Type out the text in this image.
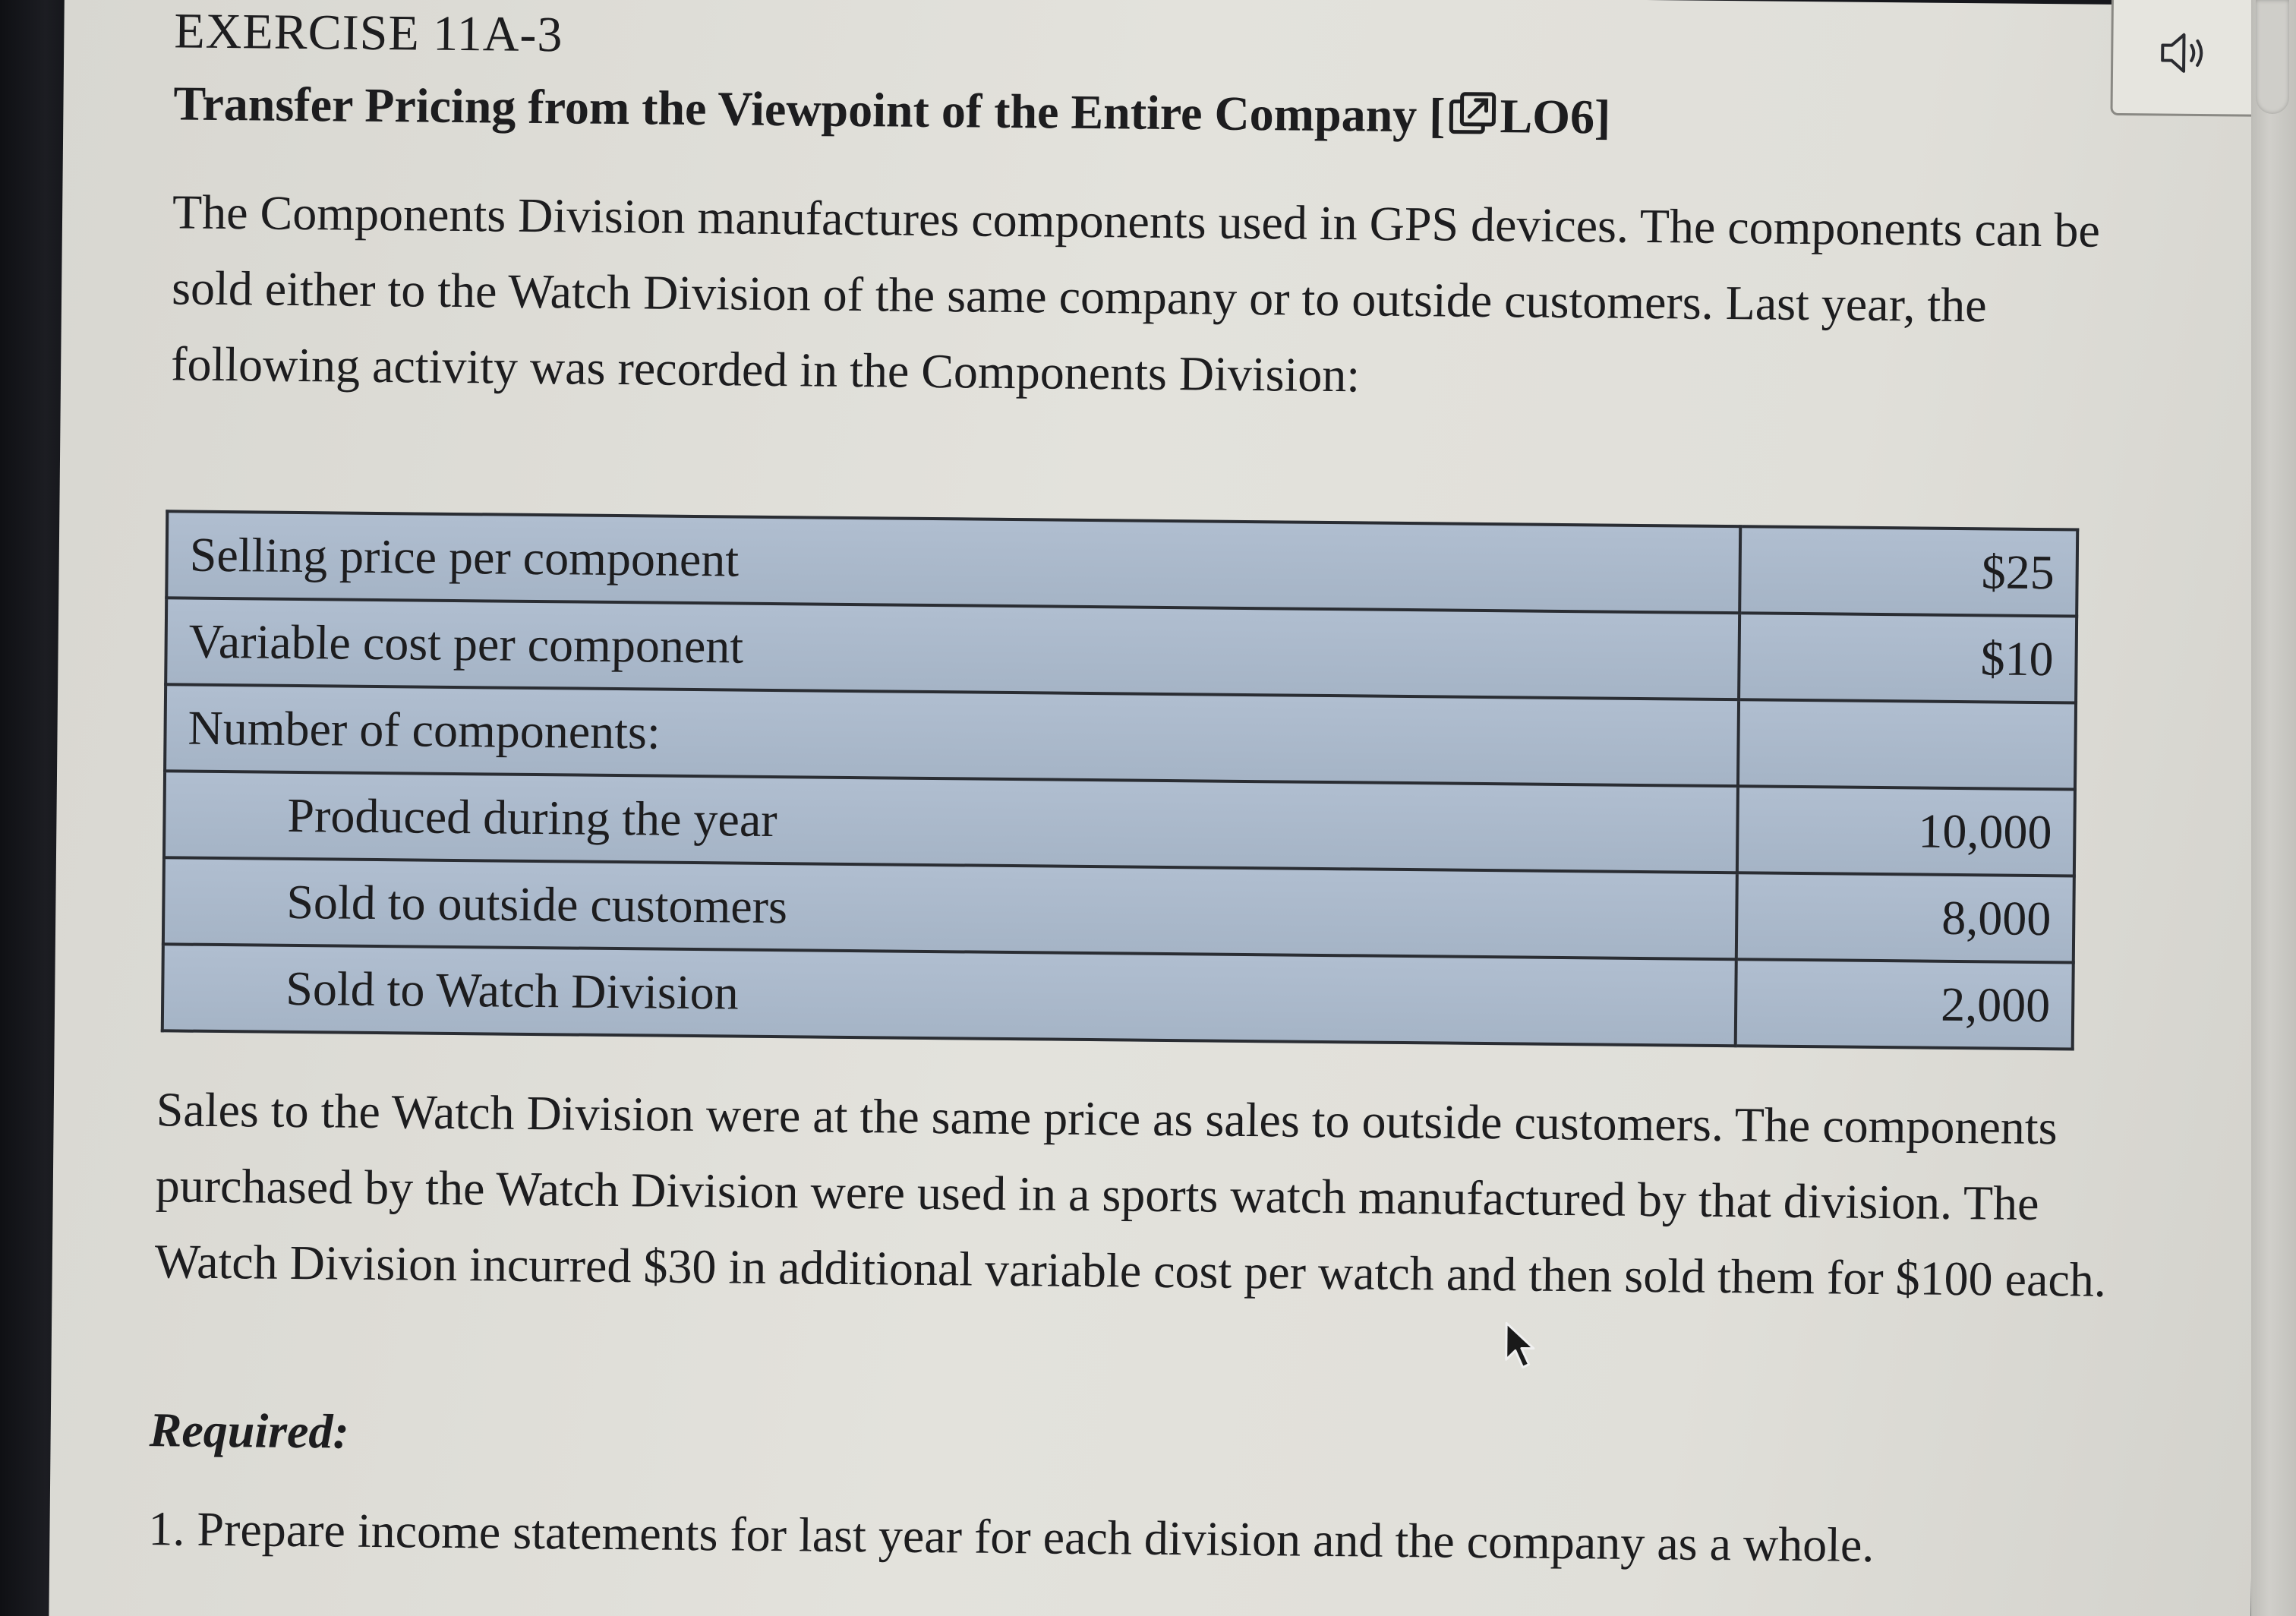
EXERCISE 11A-3
Transfer Pricing from the Viewpoint of the Entire Company [ LO6]

The Components Division manufactures components used in GPS devices. The components can be sold either to the Watch Division of the same company or to outside customers. Last year, the following activity was recorded in the Components Division:

Selling price per component	$25
Variable cost per component	$10
Number of components:	
Produced during the year	10,000
Sold to outside customers	8,000
Sold to Watch Division	2,000

Sales to the Watch Division were at the same price as sales to outside customers. The components purchased by the Watch Division were used in a sports watch manufactured by that division. The Watch Division incurred $30 in additional variable cost per watch and then sold them for $100 each.

Required:
1. Prepare income statements for last year for each division and the company as a whole.
